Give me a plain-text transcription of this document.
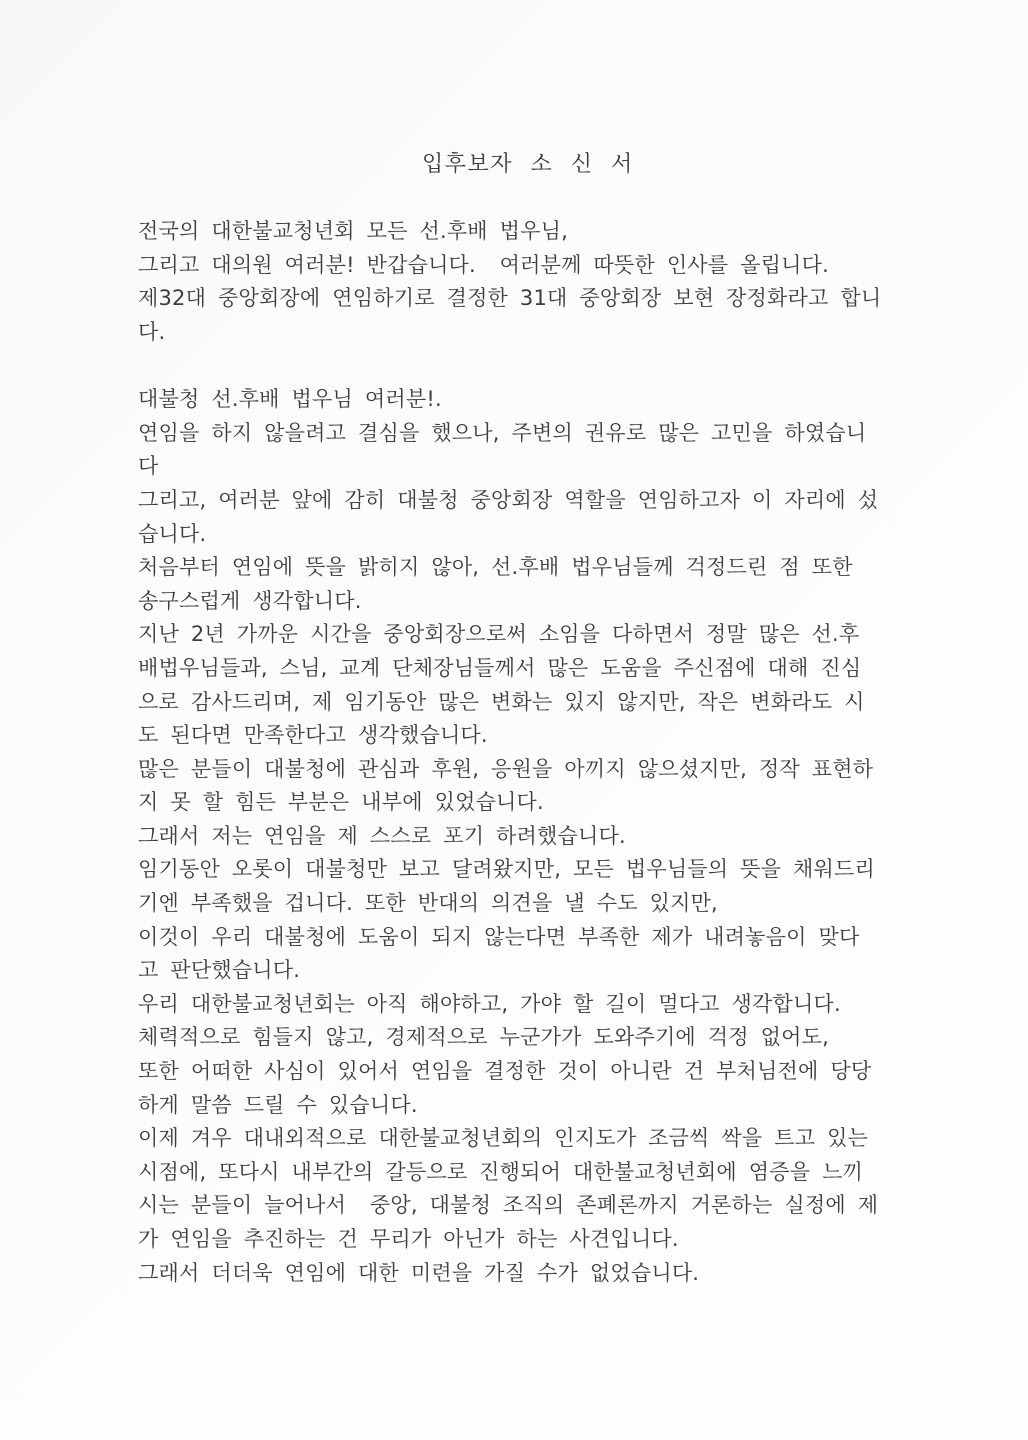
입후보자 소 신 서
전국의 대한불교청년회 모든 선.후배 법우님,
그리고 대의원 여러분! 반갑습니다.  여러분께 따뜻한 인사를 올립니다.
제32대 중앙회장에 연임하기로 결정한 31대 중앙회장 보현 장정화라고 합니
다.
대불청 선.후배 법우님 여러분!.
연임을 하지 않을려고 결심을 했으나, 주변의 권유로 많은 고민을 하였습니
다
그리고, 여러분 앞에 감히 대불청 중앙회장 역할을 연임하고자 이 자리에 섰
습니다.
처음부터 연임에 뜻을 밝히지 않아, 선.후배 법우님들께 걱정드린 점 또한
송구스럽게 생각합니다.
지난 2년 가까운 시간을 중앙회장으로써 소임을 다하면서 정말 많은 선.후
배법우님들과, 스님, 교계 단체장님들께서 많은 도움을 주신점에 대해 진심
으로 감사드리며, 제 임기동안 많은 변화는 있지 않지만, 작은 변화라도 시
도 된다면 만족한다고 생각했습니다.
많은 분들이 대불청에 관심과 후원, 응원을 아끼지 않으셨지만, 정작 표현하
지 못 할 힘든 부분은 내부에 있었습니다.
그래서 저는 연임을 제 스스로 포기 하려했습니다.
임기동안 오롯이 대불청만 보고 달려왔지만, 모든 법우님들의 뜻을 채워드리
기엔 부족했을 겁니다. 또한 반대의 의견을 낼 수도 있지만,
이것이 우리 대불청에 도움이 되지 않는다면 부족한 제가 내려놓음이 맞다
고 판단했습니다.
우리 대한불교청년회는 아직 해야하고, 가야 할 길이 멀다고 생각합니다.
체력적으로 힘들지 않고, 경제적으로 누군가가 도와주기에 걱정 없어도,
또한 어떠한 사심이 있어서 연임을 결정한 것이 아니란 건 부처님전에 당당
하게 말씀 드릴 수 있습니다.
이제 겨우 대내외적으로 대한불교청년회의 인지도가 조금씩 싹을 트고 있는
시점에, 또다시 내부간의 갈등으로 진행되어 대한불교청년회에 염증을 느끼
시는 분들이 늘어나서  중앙, 대불청 조직의 존폐론까지 거론하는 실정에 제
가 연임을 추진하는 건 무리가 아닌가 하는 사견입니다.
그래서 더더욱 연임에 대한 미련을 가질 수가 없었습니다.
